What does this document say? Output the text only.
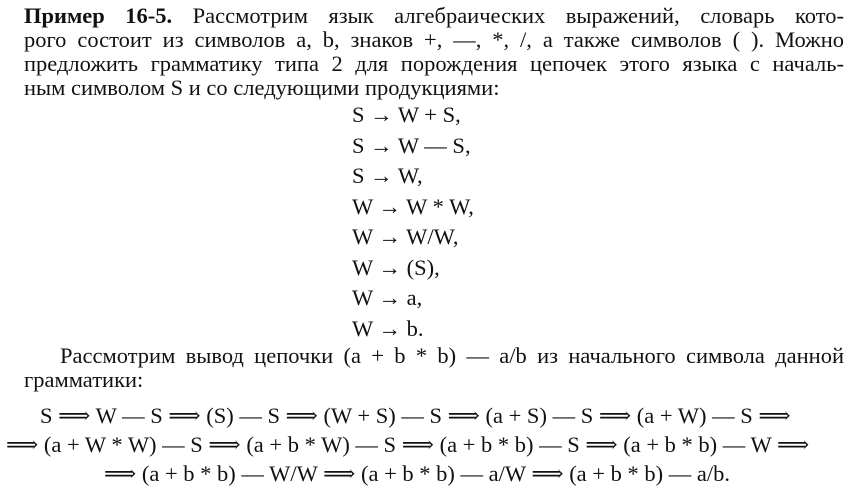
Пример 16-5. Рассмотрим язык алгебраических выражений, словарь кото-
рого состоит из символов a, b, знаков +, —, *, /, а также символов ( ). Можно
предложить грамматику типа 2 для порождения цепочек этого языка с началь-
ным символом S и со следующими продукциями:
S → W + S,
S → W — S,
S → W,
W → W * W,
W → W/W,
W → (S),
W → a,
W → b.
Рассмотрим вывод цепочки (a + b * b) — a/b из начального символа данной
грамматики:
S ⟹ W — S ⟹ (S) — S ⟹ (W + S) — S ⟹ (a + S) — S ⟹ (a + W) — S ⟹
⟹ (a + W * W) — S ⟹ (a + b * W) — S ⟹ (a + b * b) — S ⟹ (a + b * b) — W ⟹
⟹ (a + b * b) — W/W ⟹ (a + b * b) — a/W ⟹ (a + b * b) — a/b.
